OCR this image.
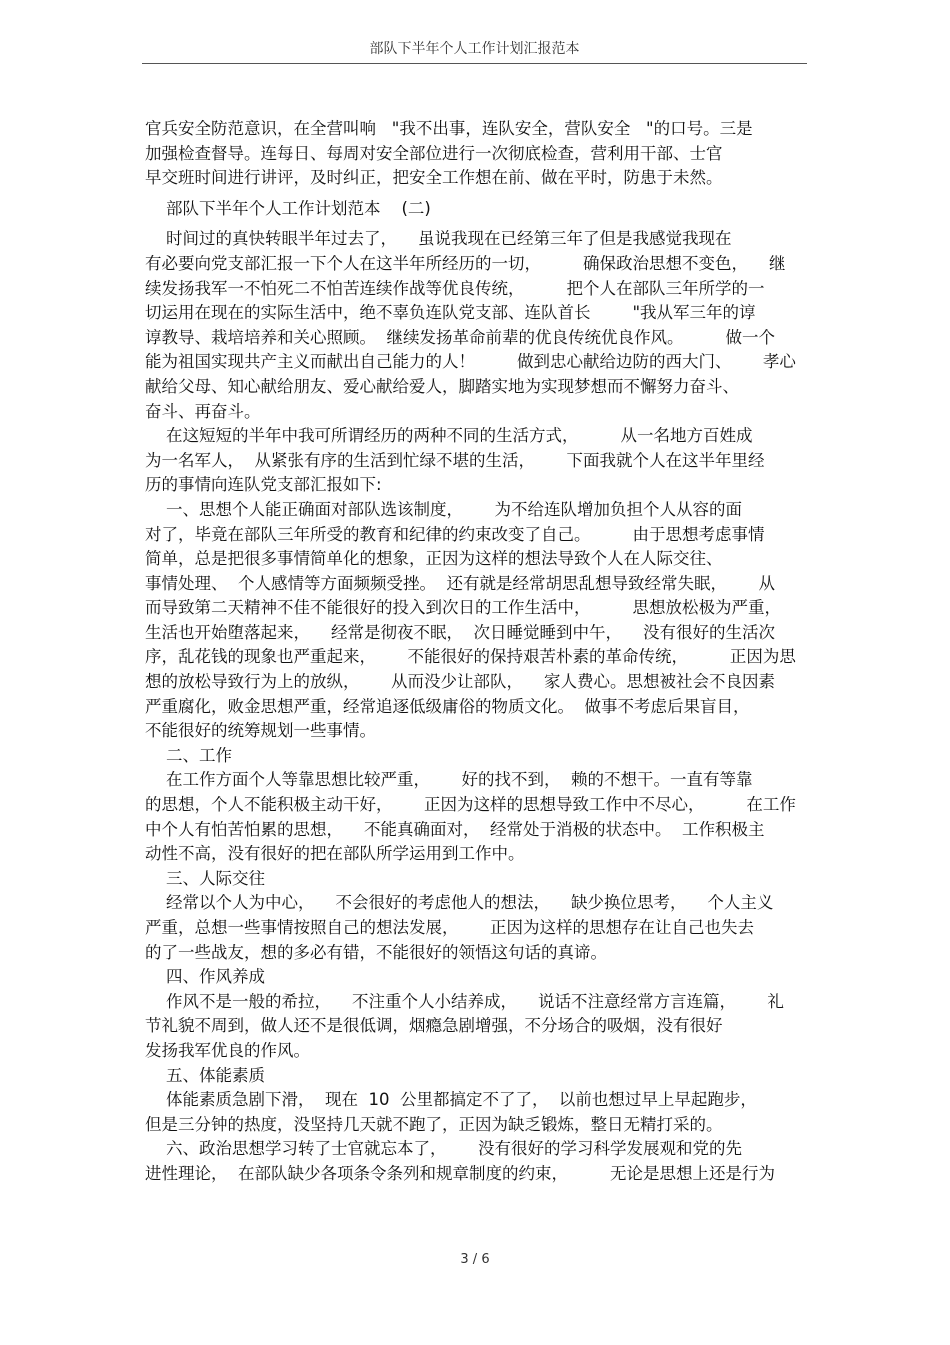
部队下半年个人工作计划汇报范本
官兵安全防范意识，在全营叫响   "我不出事，连队安全，营队安全   "的口号。三是
加强检查督导。连每日、每周对安全部位进行一次彻底检查，营利用干部、士官
早交班时间进行讲评，及时纠正，把安全工作想在前、做在平时，防患于未然。
部队下半年个人工作计划范本    (二)
时间过的真快转眼半年过去了，    虽说我现在已经第三年了但是我感觉我现在
有必要向党支部汇报一下个人在这半年所经历的一切，        确保政治思想不变色，    继
续发扬我军一不怕死二不怕苦连续作战等优良传统，        把个人在部队三年所学的一
切运用在现在的实际生活中，绝不辜负连队党支部、连队首长        "我从军三年的谆
谆教导、栽培培养和关心照顾。  继续发扬革命前辈的优良传统优良作风。        做一个
能为祖国实现共产主义而献出自己能力的人！        做到忠心献给边防的西大门、      孝心
献给父母、知心献给朋友、爱心献给爱人，脚踏实地为实现梦想而不懈努力奋斗、
奋斗、再奋斗。
在这短短的半年中我可所谓经历的两种不同的生活方式，        从一名地方百姓成
为一名军人，  从紧张有序的生活到忙绿不堪的生活，      下面我就个人在这半年里经
历的事情向连队党支部汇报如下:
一、思想个人能正确面对部队选该制度，      为不给连队增加负担个人从容的面
对了，毕竟在部队三年所受的教育和纪律的约束改变了自己。        由于思想考虑事情
简单，总是把很多事情简单化的想象，正因为这样的想法导致个人在人际交往、
事情处理、  个人感情等方面频频受挫。  还有就是经常胡思乱想导致经常失眠，      从
而导致第二天精神不佳不能很好的投入到次日的工作生活中，        思想放松极为严重，
生活也开始堕落起来，    经常是彻夜不眠，  次日睡觉睡到中午，    没有很好的生活次
序，乱花钱的现象也严重起来，      不能很好的保持艰苦朴素的革命传统，        正因为思
想的放松导致行为上的放纵，      从而没少让部队，    家人费心。思想被社会不良因素
严重腐化，败金思想严重，经常追逐低级庸俗的物质文化。  做事不考虑后果盲目，
不能很好的统筹规划一些事情。
二、工作
在工作方面个人等靠思想比较严重，      好的找不到，  赖的不想干。一直有等靠
的思想，个人不能积极主动干好，      正因为这样的思想导致工作中不尽心，        在工作
中个人有怕苦怕累的思想，    不能真确面对，  经常处于消极的状态中。  工作积极主
动性不高，没有很好的把在部队所学运用到工作中。
三、人际交往
经常以个人为中心，    不会很好的考虑他人的想法，    缺少换位思考，    个人主义
严重，总想一些事情按照自己的想法发展，      正因为这样的思想存在让自己也失去
的了一些战友，想的多必有错，不能很好的领悟这句话的真谛。
四、作风养成
作风不是一般的希拉，    不注重个人小结养成，    说话不注意经常方言连篇，      礼
节礼貌不周到，做人还不是很低调，烟瘾急剧增强，不分场合的吸烟，没有很好
发扬我军优良的作风。
五、体能素质
体能素质急剧下滑，  现在  10  公里都搞定不了了，  以前也想过早上早起跑步，
但是三分钟的热度，没坚持几天就不跑了，正因为缺乏锻炼，整日无精打采的。
六、政治思想学习转了士官就忘本了，      没有很好的学习科学发展观和党的先
进性理论，  在部队缺少各项条令条列和规章制度的约束，        无论是思想上还是行为
3 / 6
